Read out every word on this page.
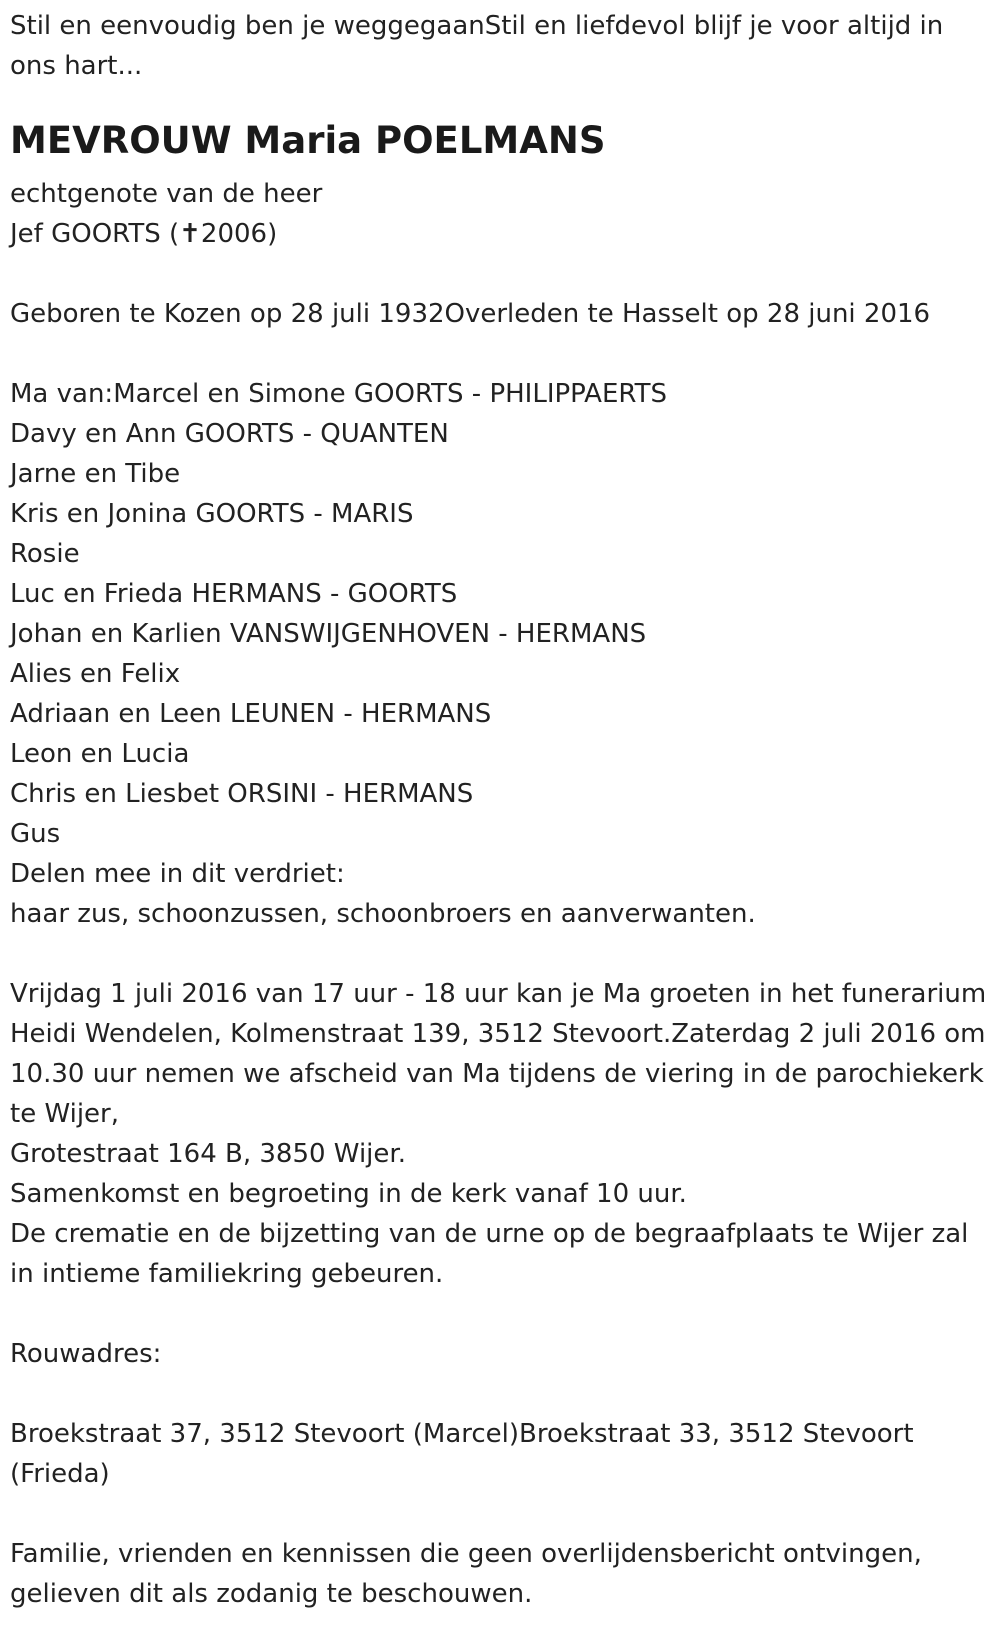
Stil en eenvoudig ben je weggegaanStil en liefdevol blijf je voor altijd in ons hart...
MEVROUW Maria POELMANS
echtgenote van de heer
Jef GOORTS (✝2006)
Geboren te Kozen op 28 juli 1932Overleden te Hasselt op 28 juni 2016
Ma van:Marcel en Simone GOORTS - PHILIPPAERTS
Davy en Ann GOORTS - QUANTEN
Jarne en Tibe
Kris en Jonina GOORTS - MARIS
Rosie
Luc en Frieda HERMANS - GOORTS
Johan en Karlien VANSWIJGENHOVEN - HERMANS
Alies en Felix
Adriaan en Leen LEUNEN - HERMANS
Leon en Lucia
Chris en Liesbet ORSINI - HERMANS
Gus
Delen mee in dit verdriet:
haar zus, schoonzussen, schoonbroers en aanverwanten.
Vrijdag 1 juli 2016 van 17 uur - 18 uur kan je Ma groeten in het funerarium Heidi Wendelen, Kolmenstraat 139, 3512 Stevoort.Zaterdag 2 juli 2016 om 10.30 uur nemen we afscheid van Ma tijdens de viering in de parochiekerk te Wijer,
Grotestraat 164 B, 3850 Wijer.
Samenkomst en begroeting in de kerk vanaf 10 uur.
De crematie en de bijzetting van de urne op de begraafplaats te Wijer zal in intieme familiekring gebeuren.
Rouwadres:
Broekstraat 37, 3512 Stevoort (Marcel)Broekstraat 33, 3512 Stevoort (Frieda)
Familie, vrienden en kennissen die geen overlijdensbericht ontvingen, gelieven dit als zodanig te beschouwen.
